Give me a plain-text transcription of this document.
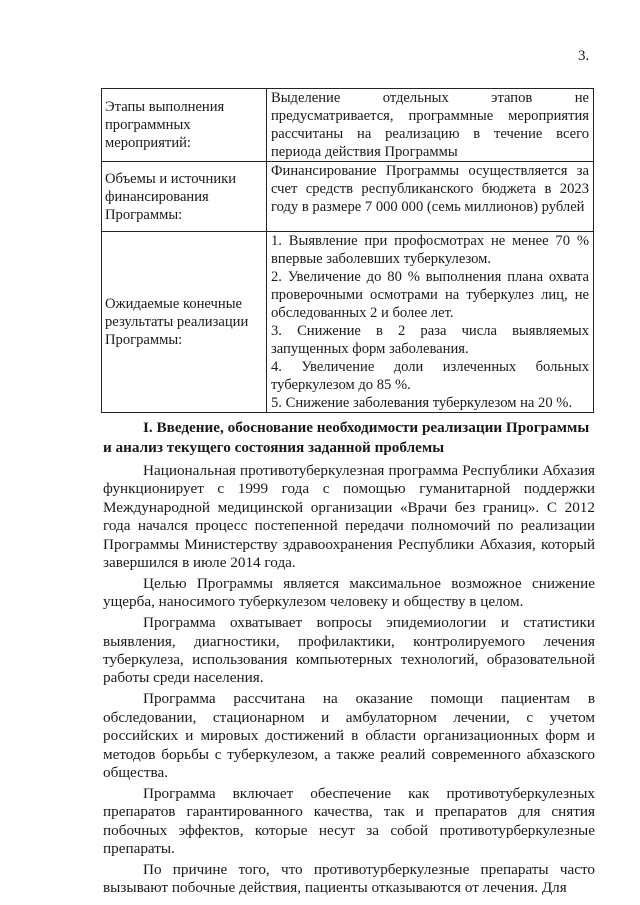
3.
Этапы выполнения программных мероприятий:	Выделение отдельных этапов не предусматривается, программные мероприятия рассчитаны на реализацию в течение всего периода действия Программы

Объемы и источники финансирования Программы:	Финансирование Программы осуществляется за счет средств республиканского бюджета в 2023 году в размере 7 000 000 (семь миллионов) рублей

Ожидаемые конечные результаты реализации Программы:	1. Выявление при профосмотрах не менее 70 % впервые заболевших туберкулезом.
2. Увеличение до 80 % выполнения плана охвата проверочными осмотрами на туберкулез лиц, не обследованных 2 и более лет.
3. Снижение в 2 раза числа выявляемых запущенных форм заболевания.
4. Увеличение доли излеченных больных туберкулезом до 85 %.
5. Снижение заболевания туберкулезом на 20 %.
I. Введение, обоснование необходимости реализации Программы
и анализ текущего состояния заданной проблемы

Национальная противотуберкулезная программа Республики Абхазия функционирует с 1999 года с помощью гуманитарной поддержки Международной медицинской организации «Врачи без границ». С 2012 года начался процесс постепенной передачи полномочий по реализации Программы Министерству здравоохранения Республики Абхазия, который завершился в июле 2014 года.

Целью Программы является максимальное возможное снижение ущерба, наносимого туберкулезом человеку и обществу в целом.

Программа охватывает вопросы эпидемиологии и статистики выявления, диагностики, профилактики, контролируемого лечения туберкулеза, использования компьютерных технологий, образовательной работы среди населения.

Программа рассчитана на оказание помощи пациентам в обследовании, стационарном и амбулаторном лечении, с учетом российских и мировых достижений в области организационных форм и методов борьбы с туберкулезом, а также реалий современного абхазского общества.

Программа включает обеспечение как противотуберкулезных препаратов гарантированного качества, так и препаратов для снятия побочных эффектов, которые несут за собой противотурберкулезные препараты.

По причине того, что противотурберкулезные препараты часто вызывают побочные действия, пациенты отказываются от лечения. Для
